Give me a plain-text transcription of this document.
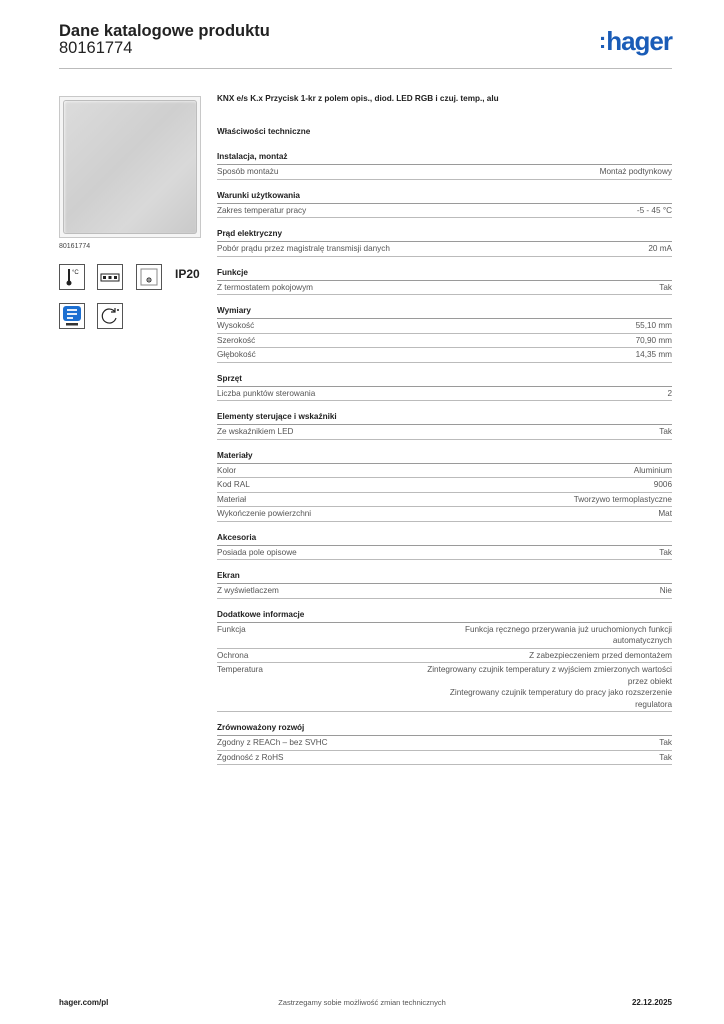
Dane katalogowe produktu
80161774	:hager
80161774
°C	IP20
KNX e/s K.x Przycisk 1-kr z polem opis., diod. LED RGB i czuj. temp., alu
Właściwości techniczne
Instalacja, montaż
Sposób montażu	Montaż podtynkowy
Warunki użytkowania
Zakres temperatur pracy	-5 - 45 °C
Prąd elektryczny
Pobór prądu przez magistralę transmisji danych	20 mA
Funkcje
Z termostatem pokojowym	Tak
Wymiary
Wysokość	55,10 mm
Szerokość	70,90 mm
Głębokość	14,35 mm
Sprzęt
Liczba punktów sterowania	2
Elementy sterujące i wskaźniki
Ze wskaźnikiem LED	Tak
Materiały
Kolor	Aluminium
Kod RAL	9006
Materiał	Tworzywo termoplastyczne
Wykończenie powierzchni	Mat
Akcesoria
Posiada pole opisowe	Tak
Ekran
Z wyświetlaczem	Nie
Dodatkowe informacje
Funkcja	Funkcja ręcznego przerywania już uruchomionych funkcji automatycznych
Ochrona	Z zabezpieczeniem przed demontażem
Temperatura	Zintegrowany czujnik temperatury z wyjściem zmierzonych wartości przez obiekt
Zintegrowany czujnik temperatury do pracy jako rozszerzenie regulatora
Zrównoważony rozwój
Zgodny z REACh – bez SVHC	Tak
Zgodność z RoHS	Tak
hager.com/pl	Zastrzegamy sobie możliwość zmian technicznych	22.12.2025
